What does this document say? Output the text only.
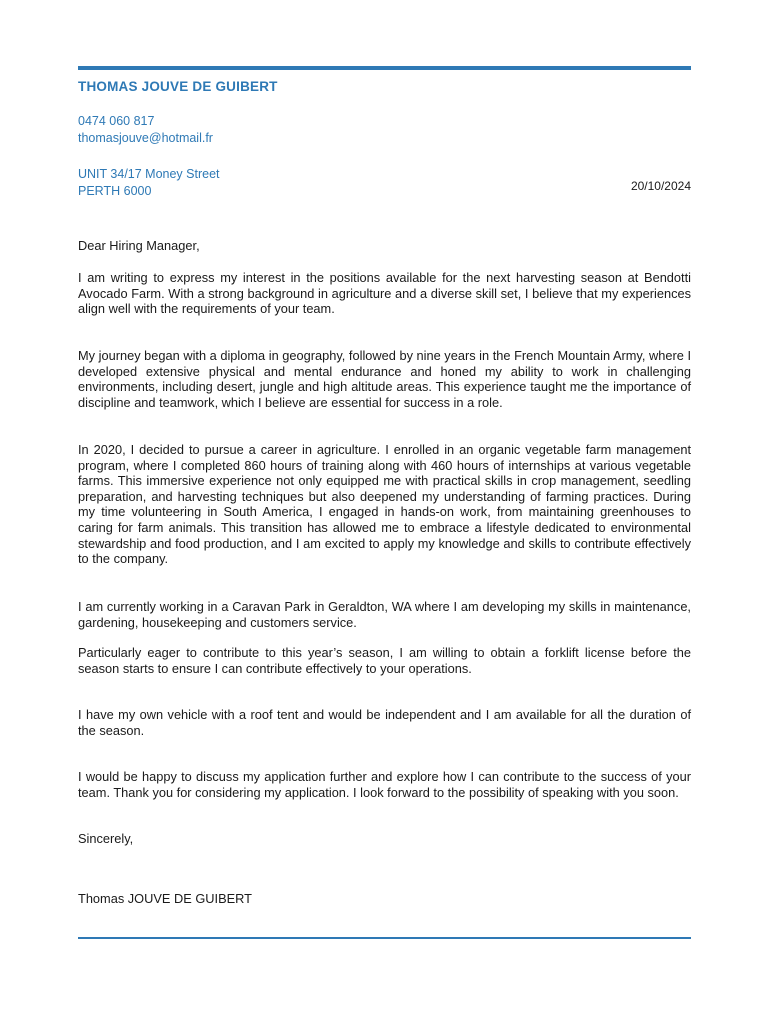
THOMAS JOUVE DE GUIBERT
0474 060 817
thomasjouve@hotmail.fr
UNIT 34/17 Money Street
PERTH 6000	20/10/2024

Dear Hiring Manager,

I am writing to express my interest in the positions available for the next harvesting season at Bendotti Avocado Farm. With a strong background in agriculture and a diverse skill set, I believe that my experiences align well with the requirements of your team.

My journey began with a diploma in geography, followed by nine years in the French Mountain Army, where I developed extensive physical and mental endurance and honed my ability to work in challenging environments, including desert, jungle and high altitude areas. This experience taught me the importance of discipline and teamwork, which I believe are essential for success in a role.

In 2020, I decided to pursue a career in agriculture. I enrolled in an organic vegetable farm management program, where I completed 860 hours of training along with 460 hours of internships at various vegetable farms. This immersive experience not only equipped me with practical skills in crop management, seedling preparation, and harvesting techniques but also deepened my understanding of farming practices. During my time volunteering in South America, I engaged in hands-on work, from maintaining greenhouses to caring for farm animals. This transition has allowed me to embrace a lifestyle dedicated to environmental stewardship and food production, and I am excited to apply my knowledge and skills to contribute effectively to the company.

I am currently working in a Caravan Park in Geraldton, WA where I am developing my skills in maintenance, gardening, housekeeping and customers service.

Particularly eager to contribute to this year’s season, I am willing to obtain a forklift license before the season starts to ensure I can contribute effectively to your operations.

I have my own vehicle with a roof tent and would be independent and I am available for all the duration of the season.

I would be happy to discuss my application further and explore how I can contribute to the success of your team. Thank you for considering my application. I look forward to the possibility of speaking with you soon.

Sincerely,

Thomas JOUVE DE GUIBERT
